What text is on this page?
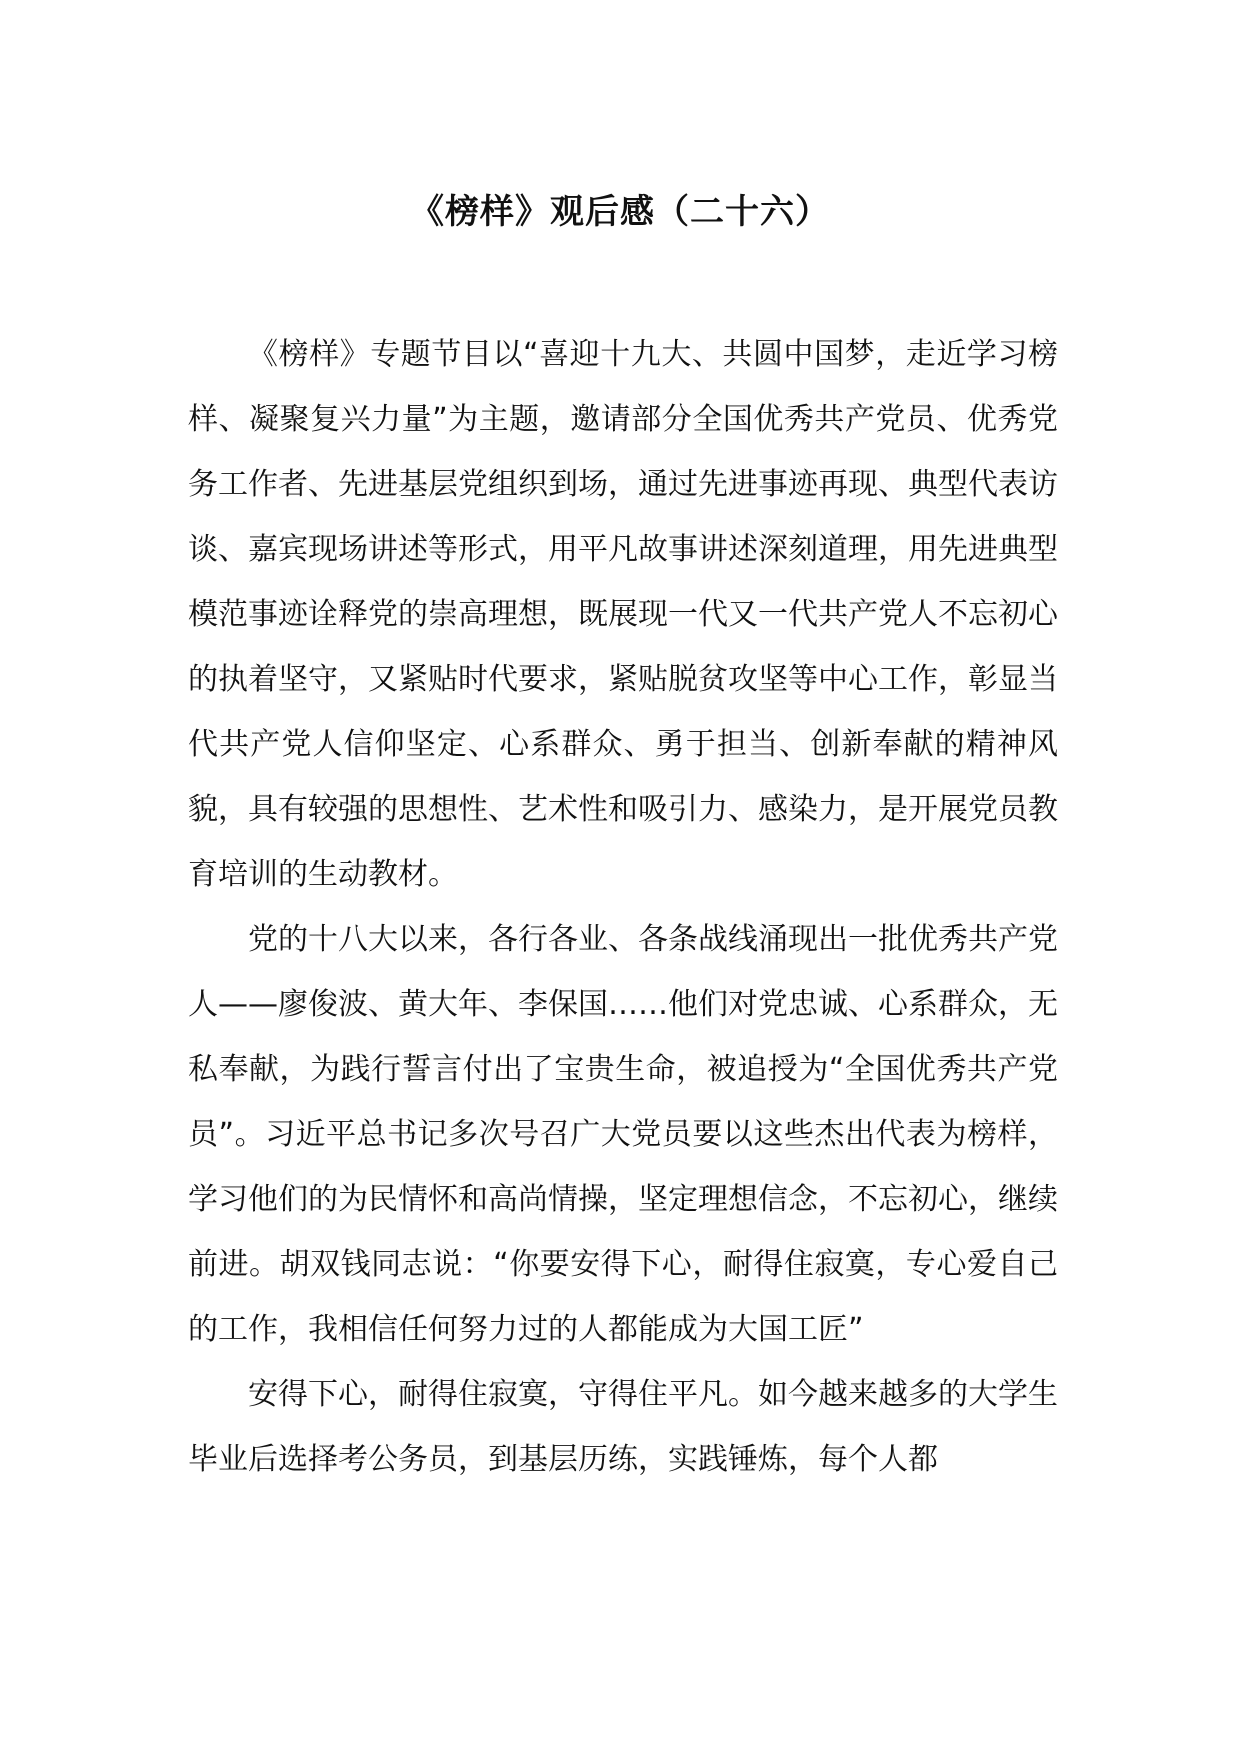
《榜样》观后感（二十六）

《榜样》专题节目以“喜迎十九大、共圆中国梦，走近学习榜样、凝聚复兴力量”为主题，邀请部分全国优秀共产党员、优秀党务工作者、先进基层党组织到场，通过先进事迹再现、典型代表访谈、嘉宾现场讲述等形式，用平凡故事讲述深刻道理，用先进典型模范事迹诠释党的崇高理想，既展现一代又一代共产党人不忘初心的执着坚守，又紧贴时代要求，紧贴脱贫攻坚等中心工作，彰显当代共产党人信仰坚定、心系群众、勇于担当、创新奉献的精神风貌，具有较强的思想性、艺术性和吸引力、感染力，是开展党员教育培训的生动教材。

党的十八大以来，各行各业、各条战线涌现出一批优秀共产党人——廖俊波、黄大年、李保国……他们对党忠诚、心系群众，无私奉献，为践行誓言付出了宝贵生命，被追授为“全国优秀共产党员”。习近平总书记多次号召广大党员要以这些杰出代表为榜样，学习他们的为民情怀和高尚情操，坚定理想信念，不忘初心，继续前进。胡双钱同志说：“你要安得下心，耐得住寂寞，专心爱自己的工作，我相信任何努力过的人都能成为大国工匠”

安得下心，耐得住寂寞，守得住平凡。如今越来越多的大学生毕业后选择考公务员，到基层历练，实践锤炼，每个人都
